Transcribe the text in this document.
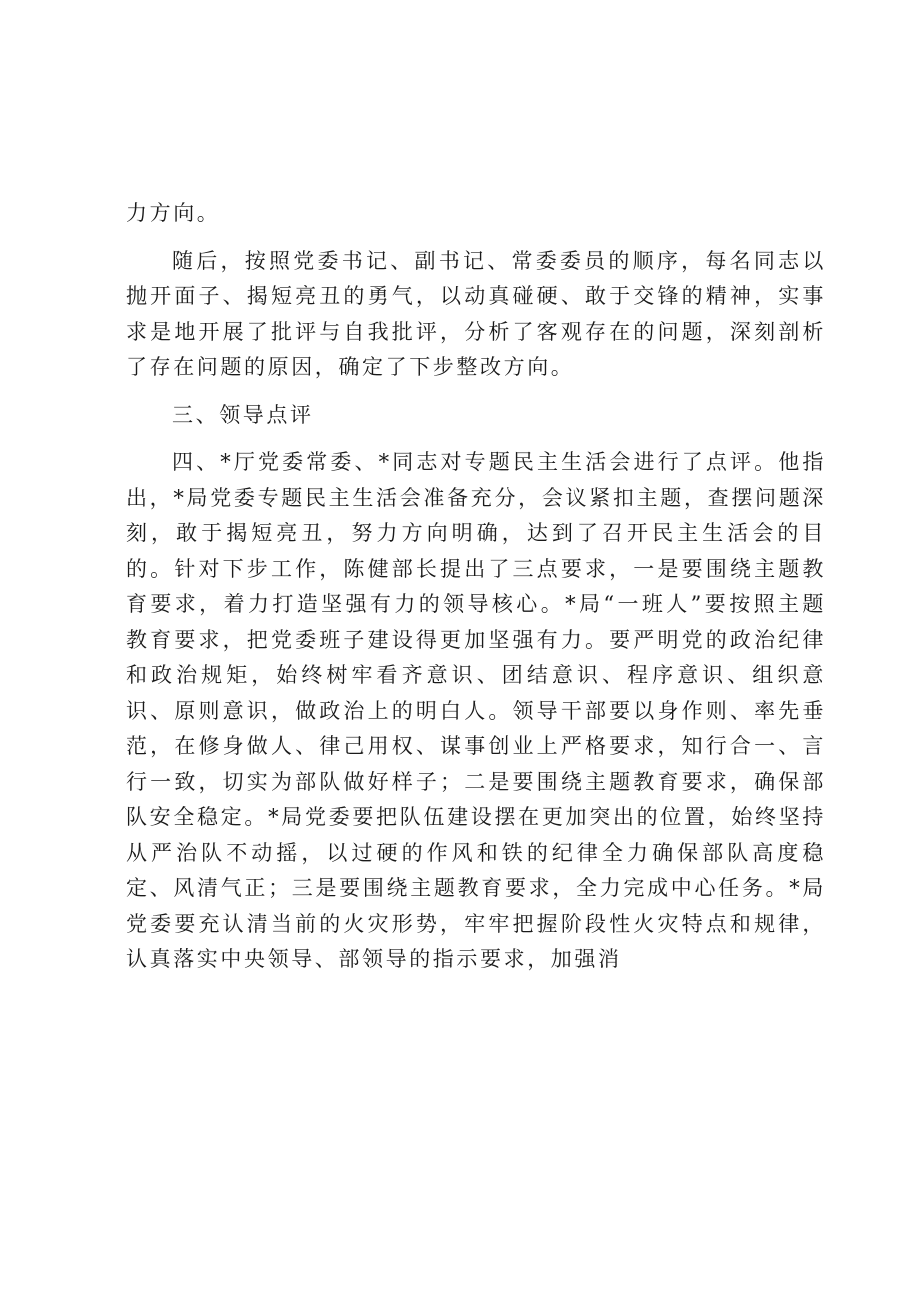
力方向。

随后，按照党委书记、副书记、常委委员的顺序，每名同志以抛开面子、揭短亮丑的勇气，以动真碰硬、敢于交锋的精神，实事求是地开展了批评与自我批评，分析了客观存在的问题，深刻剖析了存在问题的原因，确定了下步整改方向。

三、领导点评

四、*厅党委常委、*同志对专题民主生活会进行了点评。他指出，*局党委专题民主生活会准备充分，会议紧扣主题，查摆问题深刻，敢于揭短亮丑，努力方向明确，达到了召开民主生活会的目的。针对下步工作，陈健部长提出了三点要求，一是要围绕主题教育要求，着力打造坚强有力的领导核心。*局“一班人”要按照主题教育要求，把党委班子建设得更加坚强有力。要严明党的政治纪律和政治规矩，始终树牢看齐意识、团结意识、程序意识、组织意识、原则意识，做政治上的明白人。领导干部要以身作则、率先垂范，在修身做人、律己用权、谋事创业上严格要求，知行合一、言行一致，切实为部队做好样子；二是要围绕主题教育要求，确保部队安全稳定。*局党委要把队伍建设摆在更加突出的位置，始终坚持从严治队不动摇，以过硬的作风和铁的纪律全力确保部队高度稳定、风清气正；三是要围绕主题教育要求，全力完成中心任务。*局党委要充认清当前的火灾形势，牢牢把握阶段性火灾特点和规律，认真落实中央领导、部领导的指示要求，加强消
